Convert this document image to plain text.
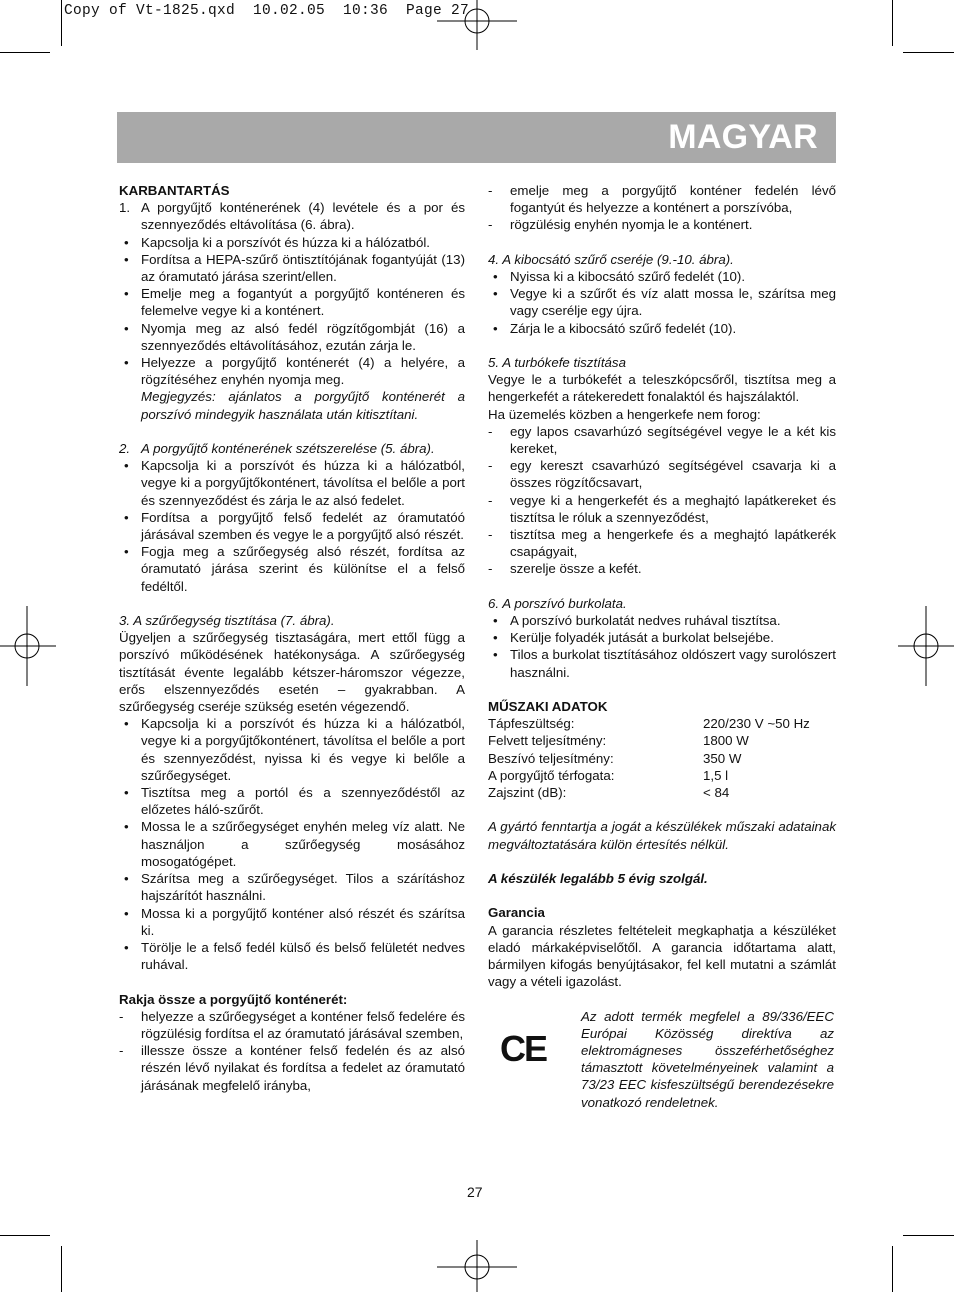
Copy of Vt-1825.qxd  10.02.05  10:36  Page 27
MAGYAR

KARBANTARTÁS

1. A porgyűjtő konténerének (4) levétele és a por és szennyeződés eltávolítása (6. ábra).

• Kapcsolja ki a porszívót és húzza ki a hálózatból.

• Fordítsa a HEPA-szűrő öntisztítójának fogantyúját (13) az óramutató járása szerint/ellen.

• Emelje meg a fogantyút a porgyűjtő konténeren és felemelve vegye ki a konténert.

• Nyomja meg az alsó fedél rögzítőgombját (16) a szennyeződés eltávolításához, ezután zárja le.

• Helyezze a porgyűjtő konténerét (4) a helyére, a rögzítéséhez enyhén nyomja meg.

Megjegyzés: ajánlatos a porgyűjtő konténerét a porszívó mindegyik használata után kitisztítani.

2. A porgyűjtő konténerének szétszerelése (5. ábra).

• Kapcsolja ki a porszívót és húzza ki a hálózatból, vegye ki a porgyűjtőkonténert, távolítsa el belőle a port és szennyeződést és zárja le az alsó fedelet.

• Fordítsa a porgyűjtő felső fedelét az óramutatóó járásával szemben és vegye le a porgyűjtő alsó részét.

• Fogja meg a szűrőegység alsó részét, fordítsa az óramutató járása szerint és különítse el a felső fedéltől.

3. A szűrőegység tisztítása (7. ábra).

Ügyeljen a szűrőegység tisztaságára, mert ettől függ a porszívó működésének hatékonysága. A szűrőegység tisztítását évente legalább kétszer-háromszor végezze, erős elszennyeződés esetén – gyakrabban. A szűrőegység cseréje szükség esetén végezendő.

• Kapcsolja ki a porszívót és húzza ki a hálózatból, vegye ki a porgyűjtőkonténert, távolítsa el belőle a port és szennyeződést, nyissa ki és vegye ki belőle a szűrőegységet.

• Tisztítsa meg a portól és a szennyeződéstől az előzetes háló-szűrőt.

• Mossa le a szűrőegységet enyhén meleg víz alatt. Ne használjon a szűrőegység mosásához mosogatógépet.

• Szárítsa meg a szűrőegységet. Tilos a szárításhoz hajszárítót használni.

• Mossa ki a porgyűjtő konténer alsó részét és szárítsa ki.

• Törölje le a felső fedél külső és belső felületét nedves ruhával.

Rakja össze a porgyűjtő konténerét:

-	helyezze a szűrőegységet a konténer felső fedelére és rögzülésig fordítsa el az óramutató járásával szemben,

-	illessze össze a konténer felső fedelén és az alsó részén lévő nyilakat és fordítsa a fedelet az óramutató járásának megfelelő irányba,

-	emelje meg a porgyűjtő konténer fedelén lévő fogantyút és helyezze a konténert a porszívóba,

-	rögzülésig enyhén nyomja le a konténert.

4. A kibocsátó szűrő cseréje (9.-10. ábra).

• Nyissa ki a kibocsátó szűrő fedelét (10).

• Vegye ki a szűrőt és víz alatt mossa le, szárítsa meg vagy cserélje egy újra.

• Zárja le a kibocsátó szűrő fedelét (10).

5. A turbókefe tisztítása

Vegye le a turbókefét a teleszkópcsőről, tisztítsa meg a hengerkefét a rátekeredett fonalaktól és hajszálaktól.

Ha üzemelés közben a hengerkefe nem forog:

-	egy lapos csavarhúzó segítségével vegye le a két kis kereket,

-	egy kereszt csavarhúzó segítségével csavarja ki a összes rögzítőcsavart,

-	vegye ki a hengerkefét és a meghajtó lapátkereket és tisztítsa le róluk a szennyeződést,

-	tisztítsa meg a hengerkefe és a meghajtó lapátkerék csapágyait,

-	szerelje össze a kefét.

6. A porszívó burkolata.

• A porszívó burkolatát nedves ruhával tisztítsa.

• Kerülje folyadék jutását a burkolat belsejébe.

• Tilos a burkolat tisztításához oldószert vagy surolószert használni.

MŰSZAKI ADATOK

Tápfeszültség:	220/230 V ~50 Hz
Felvett teljesítmény:	1800 W
Beszívó teljesítmény:	350 W
A porgyűjtő térfogata:	1,5 l
Zajszint (dB):	< 84

A gyártó fenntartja a jogát a készülékek műszaki adatainak megváltoztatására külön értesítés nélkül.

A készülék legalább 5 évig szolgál.

Garancia

A garancia részletes feltételeit megkaphatja a készüléket eladó márkaképviselőtől. A garancia időtartama alatt, bármilyen kifogás benyújtásakor, fel kell mutatni a számlát vagy a vételi igazolást.

CE
Az adott termék megfelel a 89/336/EEC Európai Közösség direktíva az elektromágneses összeférhetőséghez támasztott követelményeinek valamint a 73/23 EEC kisfeszültségű berendezésekre vonatkozó rendeletnek.
27
